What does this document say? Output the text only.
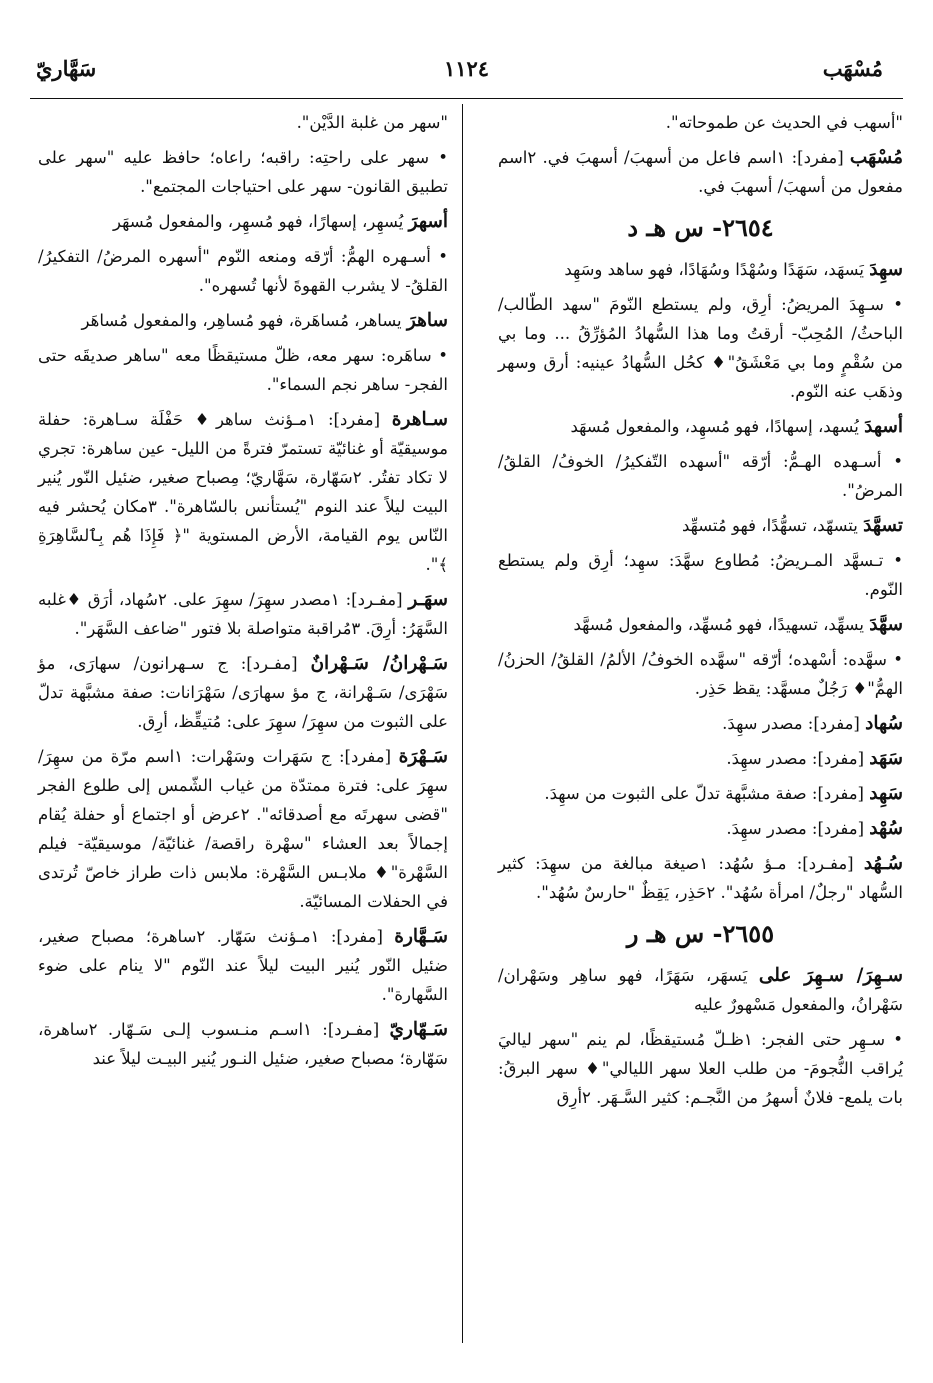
مُسْهَب
١١٢٤
سَهَّاريّ

"أسهب في الحديث عن طموحاته".

مُسْهَب [مفرد]: ١اسم فاعل من أسهبَ/ أسهبَ في. ٢اسم مفعول من أسهبَ/ أسهبَ في.

٢٦٥٤- س هـ د

سهِدَ يَسهَد، سَهَدًا وسُهْدًا وسُهَادًا، فهو ساهد وسَهِد

• سـهِدَ المريضُ: أرِق، ولم يستطع النّومَ "سهد الطّالب/ الباحثُ/ المُحِبّ- أرقتُ وما هذا السُّهادُ المُؤرِّقُ ... وما بي من سُقْمٍ وما بي مَعْشَقُ"♦ كحُل السُّهادُ عينيه: أرق وسهر وذهَب عنه النّوم.

أسهدَ يُسهد، إسهادًا، فهو مُسهِد، والمفعول مُسهَد

• أسـهده الهـمُّ: أرّقه "أسهده التّفكيرُ/ الخوفُ/ القلقُ/ المرضُ".

تسهَّدَ يتسهّد، تسهُّدًا، فهو مُتسهِّد

• تـسهَّد المـريضُ: مُطاوع سهَّدَ: سهِد؛ أرِق ولم يستطع النّوم.

سهَّدَ يسهِّد، تسهيدًا، فهو مُسهِّد، والمفعول مُسهَّد

• سهَّده: أسْهده؛ أرّقه "سهَّده الخوفُ/ الألمُ/ القلقُ/ الحزنُ/ الهمُّ"♦ رَجُلٌ مسهَّد: يقظ حَذِر.

سُهاد [مفرد]: مصدر سهِدَ.

سَهَد [مفرد]: مصدر سهِدَ.

سَهِد [مفرد]: صفة مشبَّهة تدلّ على الثبوت من سهِدَ.

سُهْد [مفرد]: مصدر سهِدَ.

سُـهُد [مفـرد]: مـؤ سُهُد: ١صيغة مبالغة من سهِدَ: كثير السُّهاد "رجلٌ/ امرأة سُهُد". ٢حَذِر، يَقِظٌ "حارسٌ سُهُد".

٢٦٥٥- س هـ ر

سـهِرَ/ سـهِرَ على يَسهَر، سَهَرًا، فهو ساهِر وسَهْران/ سَهْرانُ، والمفعول مَسْهورٌ عليه

• سـهِر حتى الفجر: ١ظـلّ مُستيقظًا، لم ينم "سهر لياليَ يُراقب النُّجومَ- من طلب العلا سهر الليالي"♦ سهر البرقُ: بات يلمع- فلانٌ أسهرُ من النَّجـم: كثير السَّـهَر. ٢أرِق

"سهر من غلبة الدَّيْن".

• سهر على راحتِه: راقبه؛ راعاه؛ حافظ عليه "سهر على تطبيق القانون- سهر على احتياجات المجتمع".

أسهرَ يُسهِر، إسهارًا، فهو مُسهِر، والمفعول مُسهَر

• أسـهره الهمُّ: أرّقه ومنعه النّوم "أسهره المرضُ/ التفكيرُ/ القلقُ- لا يشرب القهوةَ لأنها تُسهره".

ساهرَ يساهر، مُساهَرة، فهو مُساهِر، والمفعول مُساهَر

• ساهَره: سهر معه، ظلّ مستيقظًا معه "ساهر صديقَه حتى الفجر- ساهر نجم السماء".

سـاهرة [مفرد]: ١مـؤنث ساهر♦ حَفْلَة سـاهرة: حفلة موسيقيّة أو غنائيّة تستمرّ فترةً من الليل- عين ساهرة: تجري لا تكاد تفتُر. ٢سَهّارة، سَهَّاريّ؛ مِصباح صغير، ضئيل النّور يُنير البيت ليلاً عند النوم "يُستأنس بالسّاهرة". ٣مكان يُحشر فيه النّاس يوم القيامة، الأرض المستوية "﴿ فَإِذَا هُم بِٱلسَّاهِرَةِ ﴾".

سهَـر [مفـرد]: ١مصدر سهِرَ/ سهِرَ على. ٢سُهاد، أرَق ♦غلبه السَّهَرُ: أرِقَ. ٣مُراقبة متواصلة بلا فتور "ضاعف السَّهَر".

سَـهْرانُ/ سَـهْرانٌ [مفـرد]: ج سـهرانون/ سهارَى، مؤ سَهْرَى/ سَـهْرانة، ج مؤ سهارَى/ سَهْرَانات: صفة مشبَّهة تدلّ على الثبوت من سهِرَ/ سهِرَ على: مُتيقِّظ، أرِق.

سَـهْرَة [مفرد]: ج سَهَرات وسَهْرات: ١اسم مرّة من سهِرَ/ سهِرَ على: فترة ممتدّة من غياب الشّمس إلى طلوع الفجر "قضى سهرتَه مع أصدقائه". ٢عرض أو اجتماع أو حفلة يُقام إجمالاً بعد العشاء "سهْرة راقصة/ غنائيّة/ موسيقيّة- فيلم السَّهْرة"♦ ملابـس السَّهْرة: ملابس ذات طراز خاصّ تُرتدى في الحفلات المسائيّة.

سَـهَّارة [مفرد]: ١مـؤنث سَهّار. ٢ساهرة؛ مصباح صغير، ضئيل النّور يُنير البيت ليلاً عند النّوم "لا ينام على ضوء السَّهارة".

سَـهّاريّ [مفـرد]: ١اسـم منـسوب إلـى سَـهّار. ٢ساهرة، سَهّارة؛ مصباح صغير، ضئيل النـور يُنير البيـت ليلاً عند
